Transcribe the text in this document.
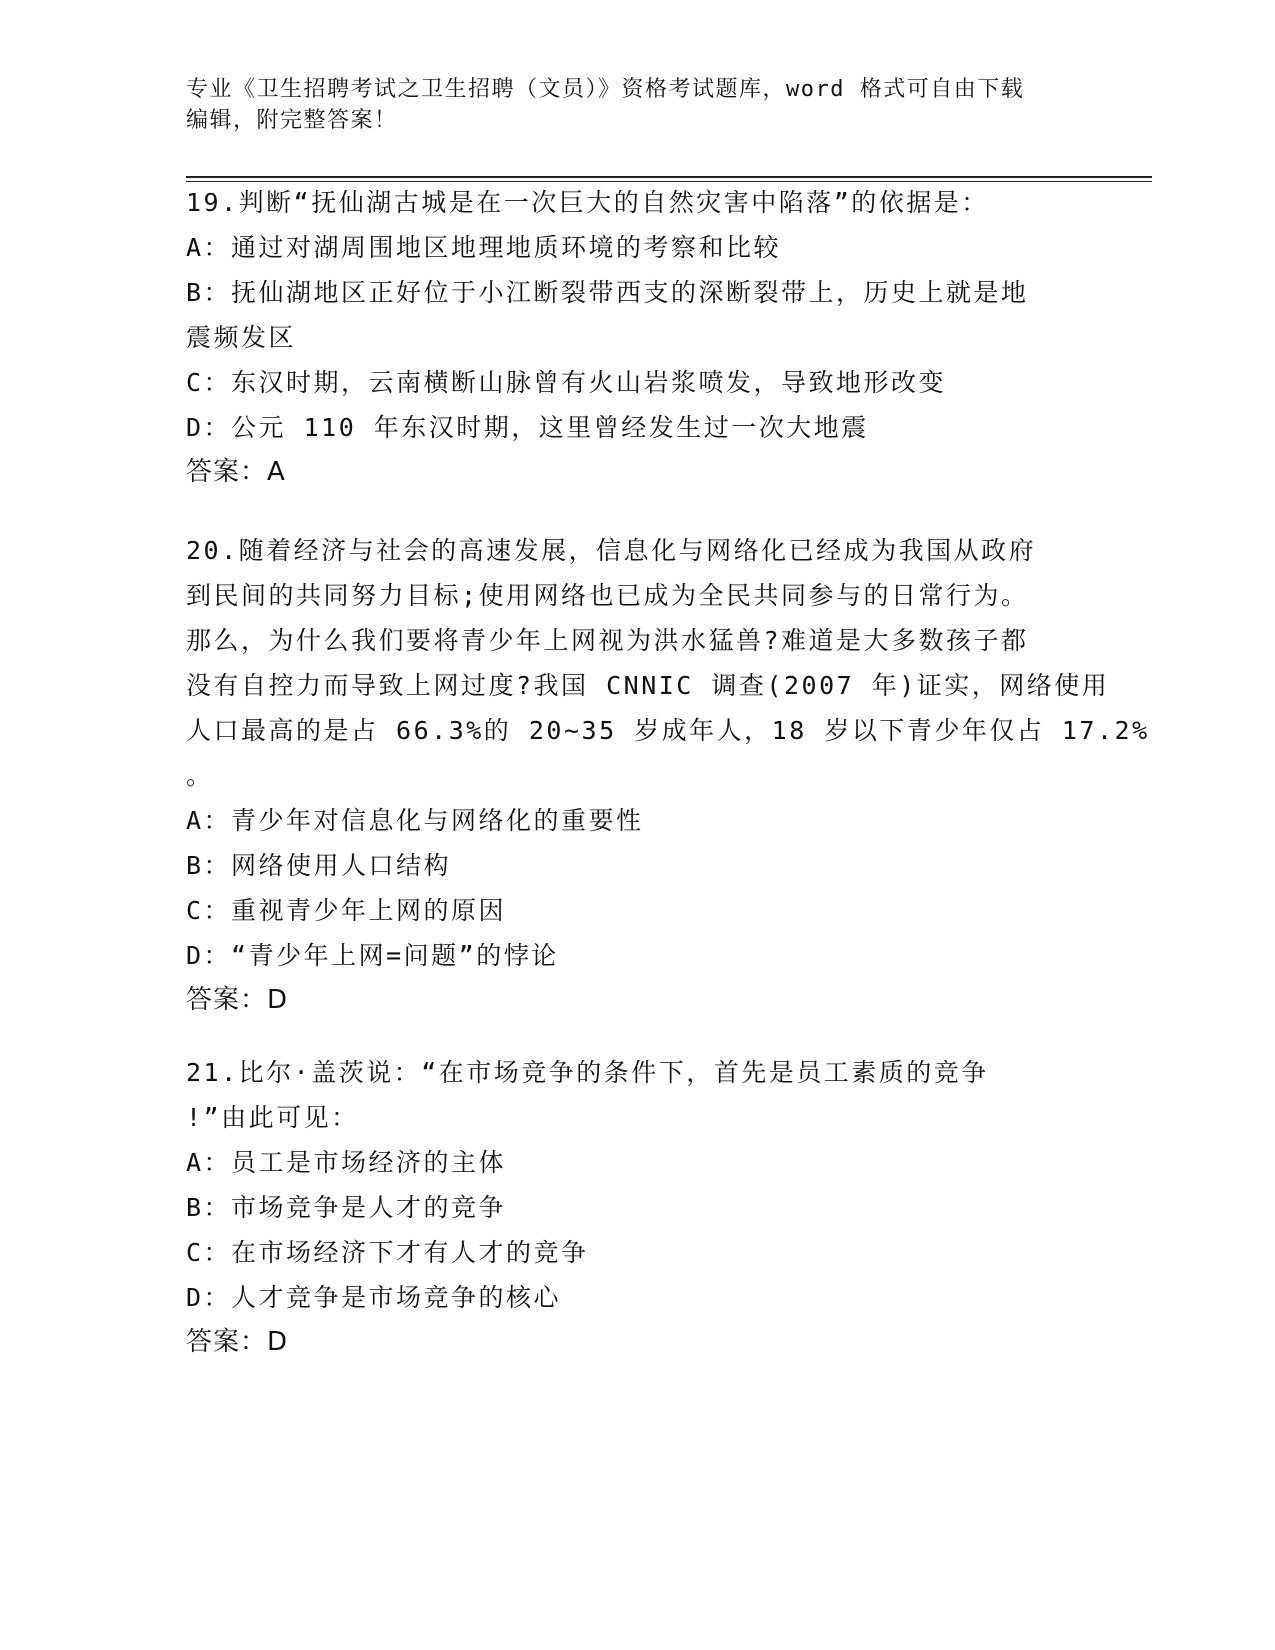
专业《卫生招聘考试之卫生招聘（文员）》资格考试题库，word 格式可自由下载
编辑，附完整答案！
19.判断“抚仙湖古城是在一次巨大的自然灾害中陷落”的依据是：
A：通过对湖周围地区地理地质环境的考察和比较
B：抚仙湖地区正好位于小江断裂带西支的深断裂带上，历史上就是地
震频发区
C：东汉时期，云南横断山脉曾有火山岩浆喷发，导致地形改变
D：公元 110 年东汉时期，这里曾经发生过一次大地震
答案：A
20.随着经济与社会的高速发展，信息化与网络化已经成为我国从政府
到民间的共同努力目标;使用网络也已成为全民共同参与的日常行为。
那么，为什么我们要将青少年上网视为洪水猛兽?难道是大多数孩子都
没有自控力而导致上网过度?我国 CNNIC 调查(2007 年)证实，网络使用
人口最高的是占 66.3%的 20~35 岁成年人，18 岁以下青少年仅占 17.2%
。
A：青少年对信息化与网络化的重要性
B：网络使用人口结构
C：重视青少年上网的原因
D：“青少年上网=问题”的悖论
答案：D
21.比尔·盖茨说：“在市场竞争的条件下，首先是员工素质的竞争
!”由此可见：
A：员工是市场经济的主体
B：市场竞争是人才的竞争
C：在市场经济下才有人才的竞争
D：人才竞争是市场竞争的核心
答案：D
